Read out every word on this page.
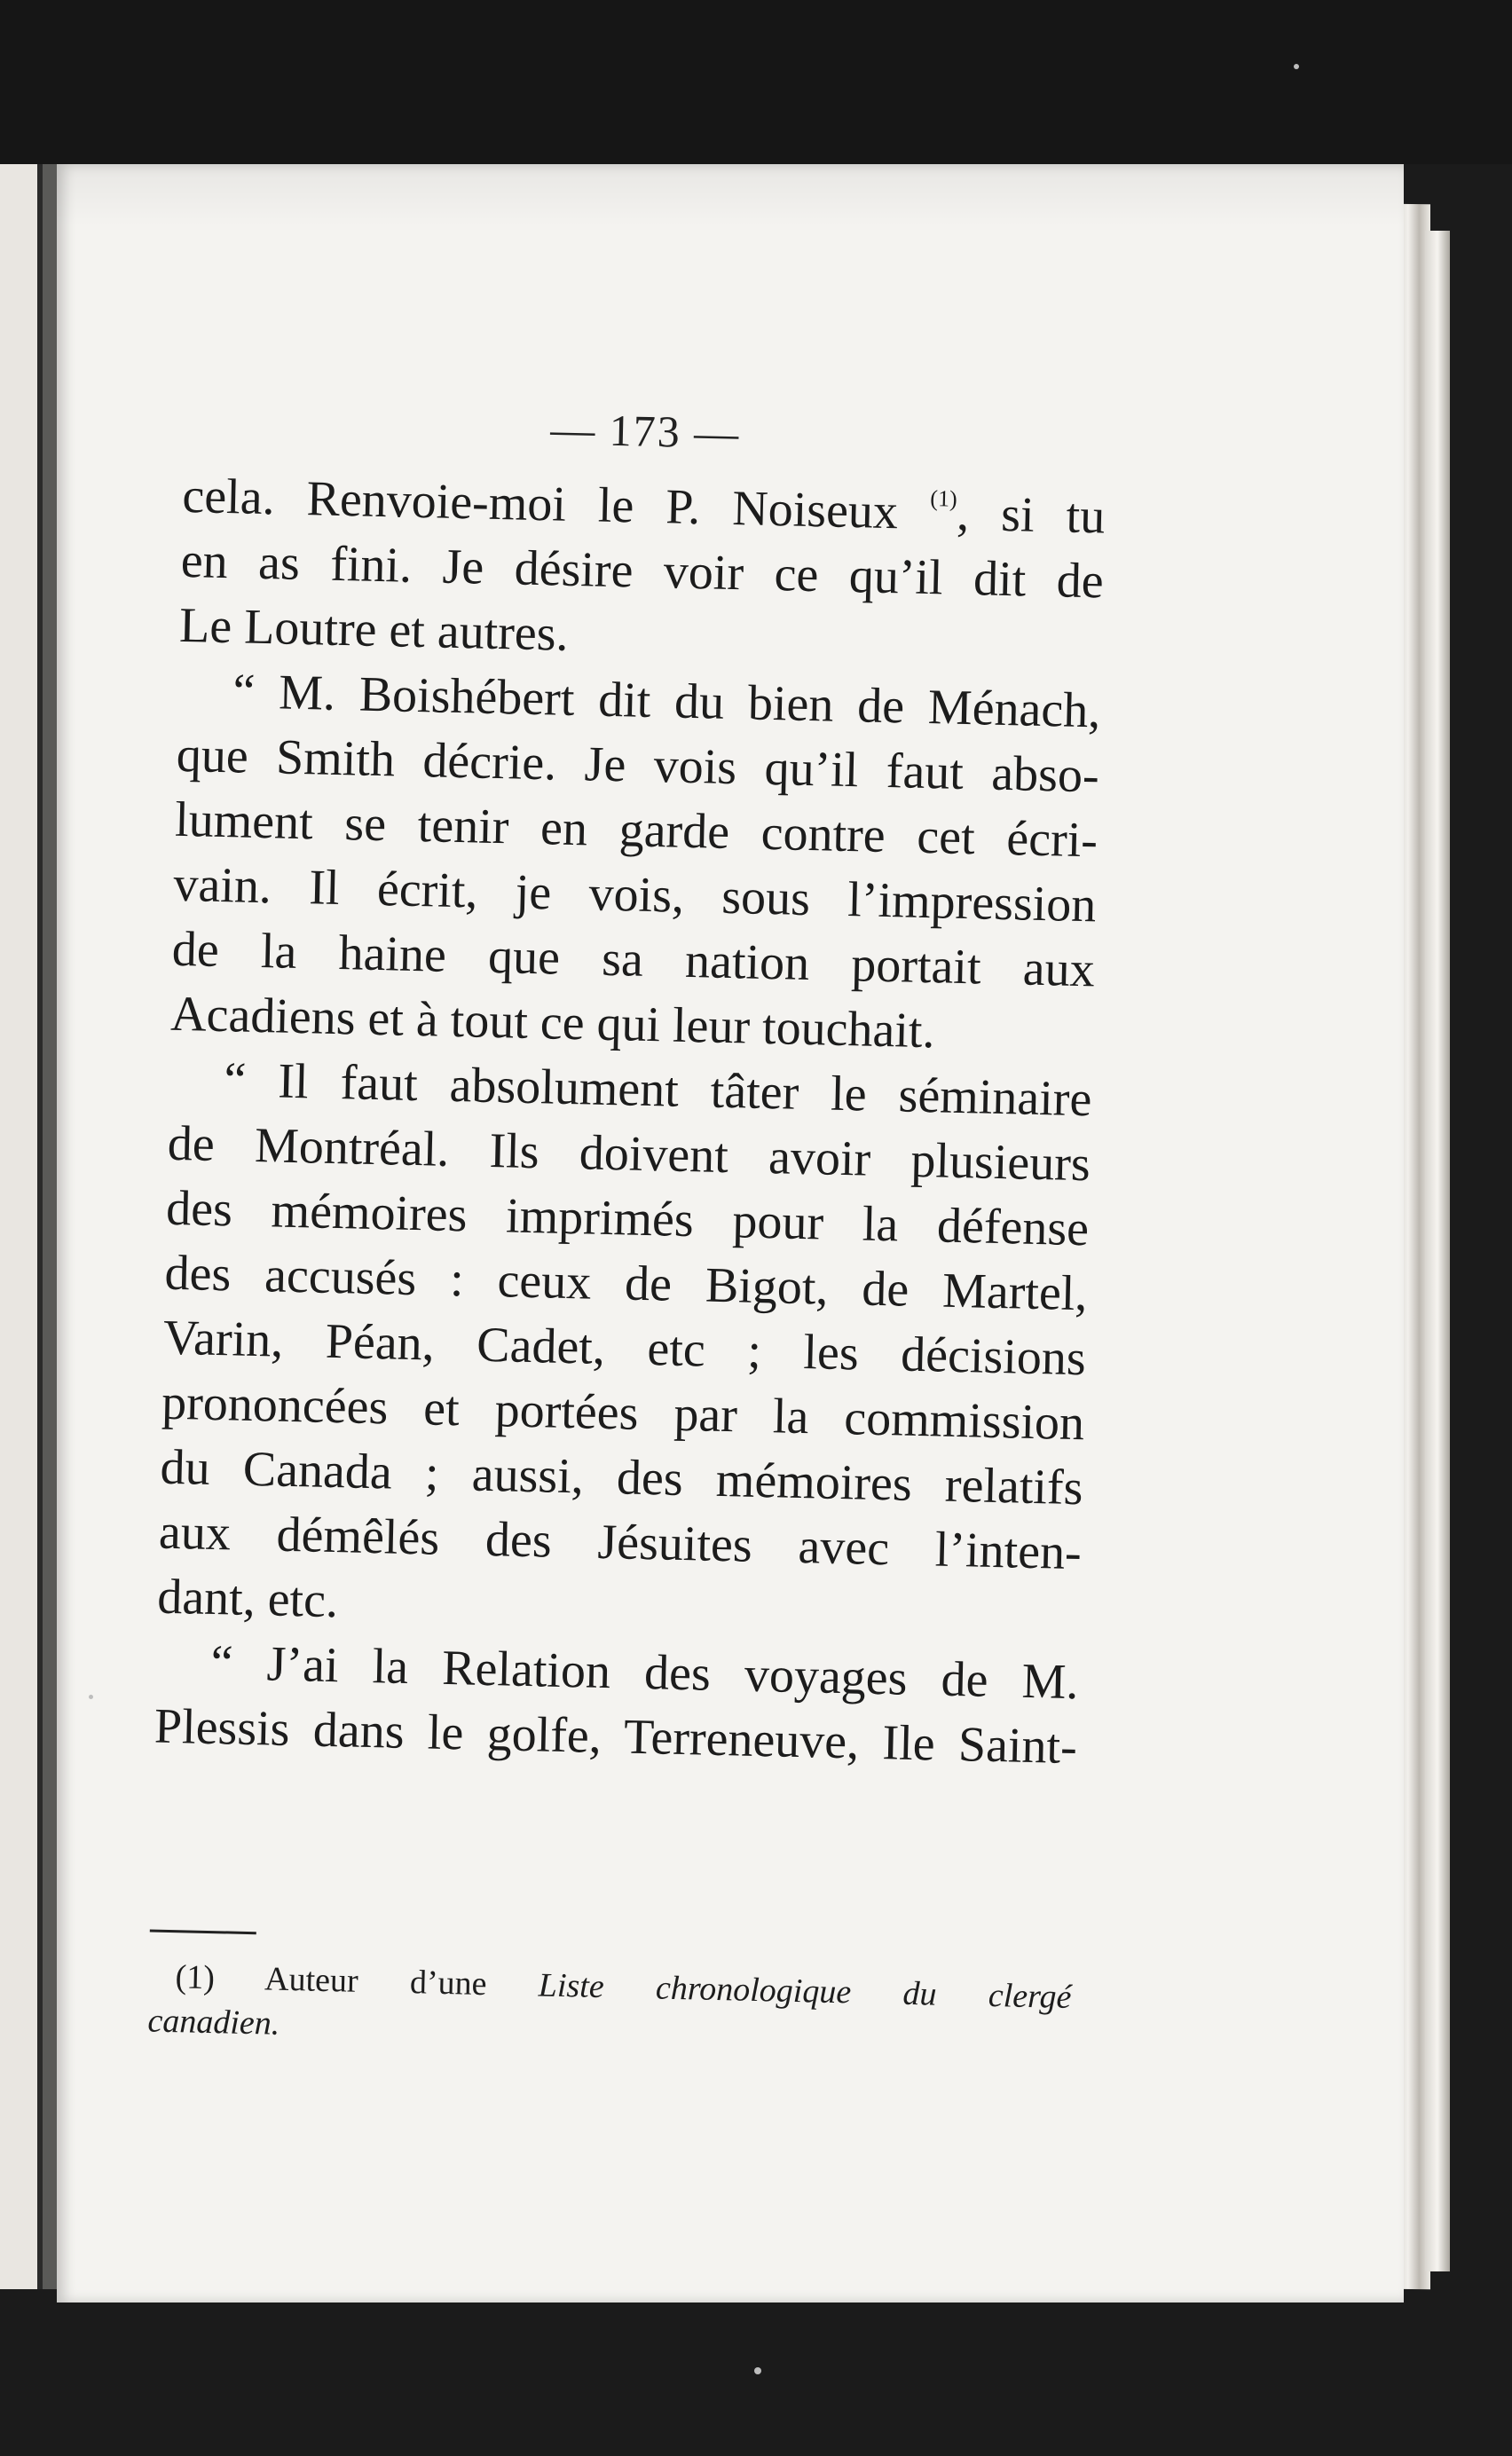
— 173 —
cela. Renvoie-moi le P. Noiseux $^{(1)}$, si tu
en as fini. Je désire voir ce qu’il dit de
Le Loutre et autres.
“ M. Boishébert dit du bien de Ménach,
que Smith décrie. Je vois qu’il faut abso-
lument se tenir en garde contre cet écri-
vain. Il écrit, je vois, sous l’impression
de la haine que sa nation portait aux
Acadiens et à tout ce qui leur touchait.
“ Il faut absolument tâter le séminaire
de Montréal. Ils doivent avoir plusieurs
des mémoires imprimés pour la défense
des accusés : ceux de Bigot, de Martel,
Varin, Péan, Cadet, etc ; les décisions
prononcées et portées par la commission
du Canada ; aussi, des mémoires relatifs
aux démêlés des Jésuites avec l’inten-
dant, etc.
“ J’ai la Relation des voyages de M.
Plessis dans le golfe, Terreneuve, Ile Saint-
(1) Auteur d’une Liste chronologique du clergé
canadien.
